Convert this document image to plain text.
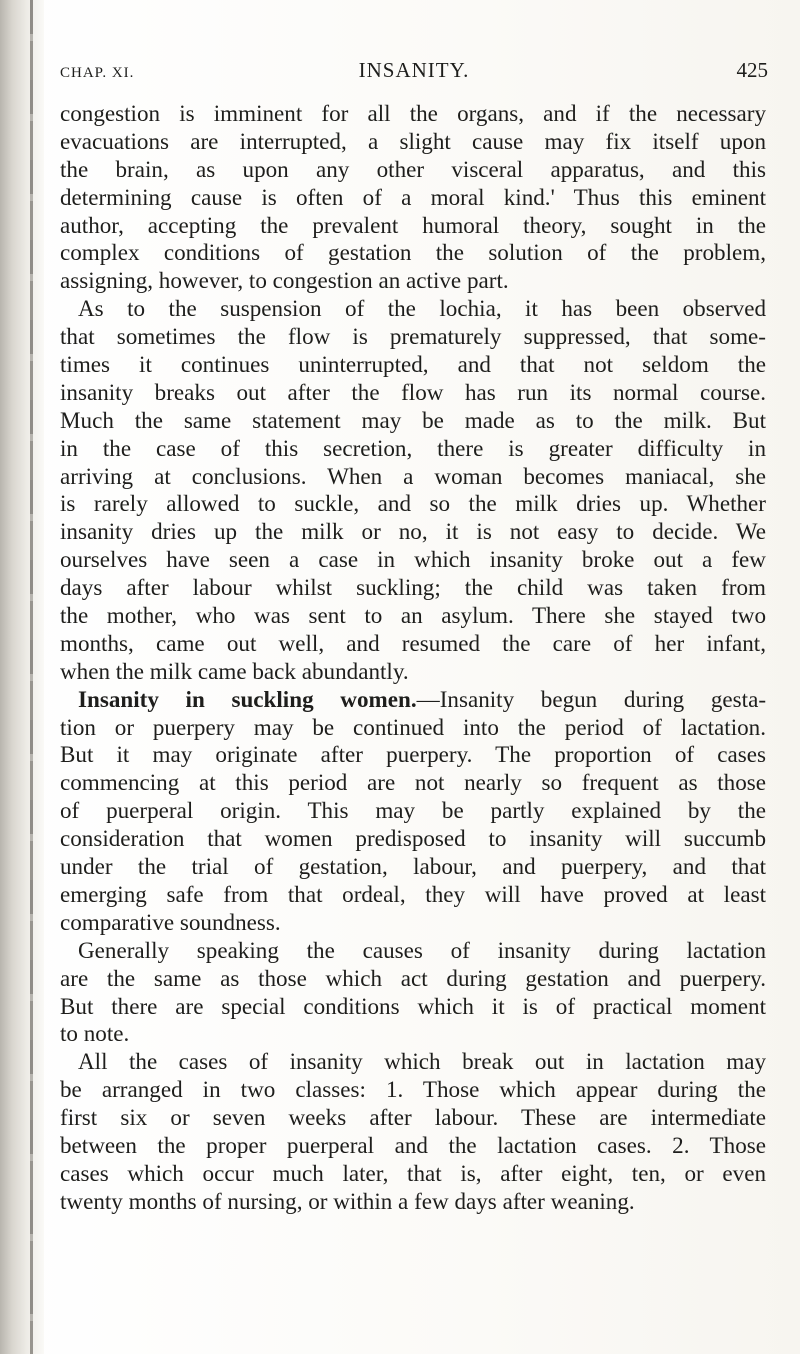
CHAP. XI.	INSANITY.	425
congestion is imminent for all the organs, and if the necessary
evacuations are interrupted, a slight cause may fix itself upon
the brain, as upon any other visceral apparatus, and this
determining cause is often of a moral kind.' Thus this eminent
author, accepting the prevalent humoral theory, sought in the
complex conditions of gestation the solution of the problem,
assigning, however, to congestion an active part.
As to the suspension of the lochia, it has been observed
that sometimes the flow is prematurely suppressed, that some-
times it continues uninterrupted, and that not seldom the
insanity breaks out after the flow has run its normal course.
Much the same statement may be made as to the milk. But
in the case of this secretion, there is greater difficulty in
arriving at conclusions. When a woman becomes maniacal, she
is rarely allowed to suckle, and so the milk dries up. Whether
insanity dries up the milk or no, it is not easy to decide. We
ourselves have seen a case in which insanity broke out a few
days after labour whilst suckling; the child was taken from
the mother, who was sent to an asylum. There she stayed two
months, came out well, and resumed the care of her infant,
when the milk came back abundantly.
Insanity in suckling women.—Insanity begun during gesta-
tion or puerpery may be continued into the period of lactation.
But it may originate after puerpery. The proportion of cases
commencing at this period are not nearly so frequent as those
of puerperal origin. This may be partly explained by the
consideration that women predisposed to insanity will succumb
under the trial of gestation, labour, and puerpery, and that
emerging safe from that ordeal, they will have proved at least
comparative soundness.
Generally speaking the causes of insanity during lactation
are the same as those which act during gestation and puerpery.
But there are special conditions which it is of practical moment
to note.
All the cases of insanity which break out in lactation may
be arranged in two classes: 1. Those which appear during the
first six or seven weeks after labour. These are intermediate
between the proper puerperal and the lactation cases. 2. Those
cases which occur much later, that is, after eight, ten, or even
twenty months of nursing, or within a few days after weaning.
